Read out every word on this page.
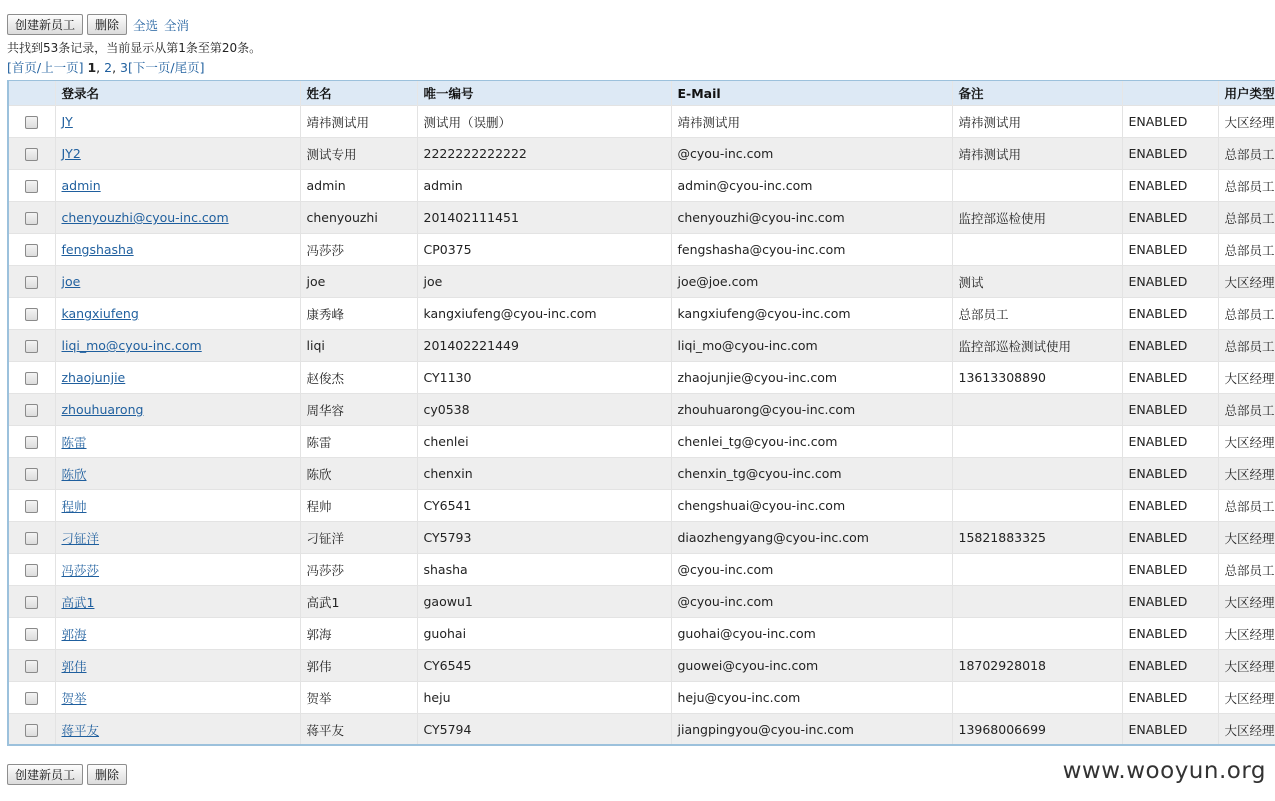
创建新员工	删除	全选 全消
共找到53条记录，当前显示从第1条至第20条。
[首页/上一页] 1, 2, 3[下一页/尾页]
	登录名	姓名	唯一编号	E-Mail	备注		用户类型
	JY	靖祎测试用	测试用（误删）	靖祎测试用	靖祎测试用	ENABLED	大区经理
	JY2	测试专用	2222222222222	@cyou-inc.com	靖祎测试用	ENABLED	总部员工
	admin	admin	admin	admin@cyou-inc.com		ENABLED	总部员工
	chenyouzhi@cyou-inc.com	chenyouzhi	201402111451	chenyouzhi@cyou-inc.com	监控部巡检使用	ENABLED	总部员工
	fengshasha	冯莎莎	CP0375	fengshasha@cyou-inc.com		ENABLED	总部员工
	joe	joe	joe	joe@joe.com	测试	ENABLED	大区经理
	kangxiufeng	康秀峰	kangxiufeng@cyou-inc.com	kangxiufeng@cyou-inc.com	总部员工	ENABLED	总部员工
	liqi_mo@cyou-inc.com	liqi	201402221449	liqi_mo@cyou-inc.com	监控部巡检测试使用	ENABLED	总部员工
	zhaojunjie	赵俊杰	CY1130	zhaojunjie@cyou-inc.com	13613308890	ENABLED	大区经理
	zhouhuarong	周华容	cy0538	zhouhuarong@cyou-inc.com		ENABLED	总部员工
	陈雷	陈雷	chenlei	chenlei_tg@cyou-inc.com		ENABLED	大区经理
	陈欣	陈欣	chenxin	chenxin_tg@cyou-inc.com		ENABLED	大区经理
	程帅	程帅	CY6541	chengshuai@cyou-inc.com		ENABLED	总部员工
	刁钲洋	刁钲洋	CY5793	diaozhengyang@cyou-inc.com	15821883325	ENABLED	大区经理
	冯莎莎	冯莎莎	shasha	@cyou-inc.com		ENABLED	总部员工
	高武1	高武1	gaowu1	@cyou-inc.com		ENABLED	大区经理
	郭海	郭海	guohai	guohai@cyou-inc.com		ENABLED	大区经理
	郭伟	郭伟	CY6545	guowei@cyou-inc.com	18702928018	ENABLED	大区经理
	贺举	贺举	heju	heju@cyou-inc.com		ENABLED	大区经理
	蒋平友	蒋平友	CY5794	jiangpingyou@cyou-inc.com	13968006699	ENABLED	大区经理
创建新员工	删除	www.wooyun.org
